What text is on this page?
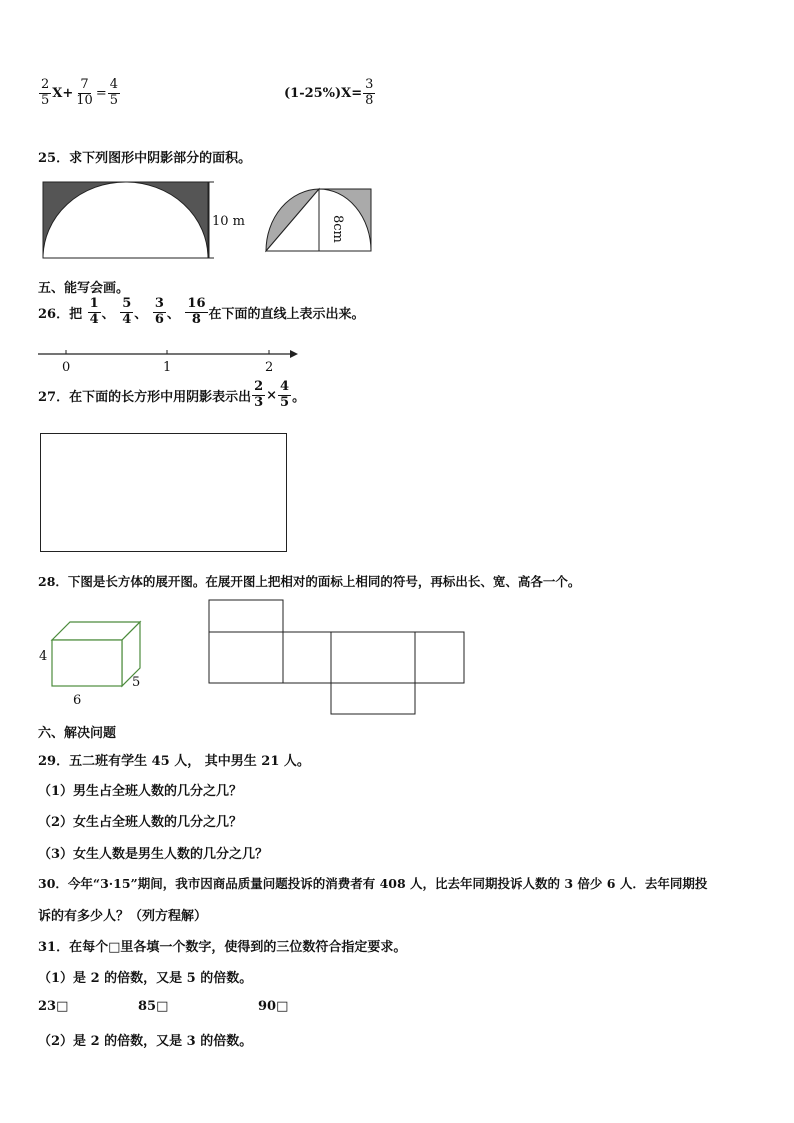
$\frac{2}{5} X+ \frac{7}{10} = \frac{4}{5}$	$(1-25\%)X= \frac{3}{8}$
25．求下列图形中阴影部分的面积。
10 m	8cm
五、能写会画。
26．把 $\frac{1}{4}$ 、 $\frac{5}{4}$ 、 $\frac{3}{6}$ 、 $\frac{16}{8}$ 在下面的直线上表示出来。
0	1	2
27．在下面的长方形中用阴影表示出 $\frac{2}{3} \times \frac{4}{5}$ 。
28．下图是长方体的展开图。在展开图上把相对的面标上相同的符号，再标出长、宽、高各一个。
4
6
5
六、解决问题
29．五二班有学生 45 人， 其中男生 21 人。
（1）男生占全班人数的几分之几？
（2）女生占全班人数的几分之几？
（3）女生人数是男生人数的几分之几？
30．今年“3·15”期间，我市因商品质量问题投诉的消费者有 408 人，比去年同期投诉人数的 3 倍少 6 人．去年同期投
诉的有多少人？（列方程解）
31．在每个□里各填一个数字，使得到的三位数符合指定要求。
（1）是 2 的倍数，又是 5 的倍数。
23□	85□	90□
（2）是 2 的倍数，又是 3 的倍数。
